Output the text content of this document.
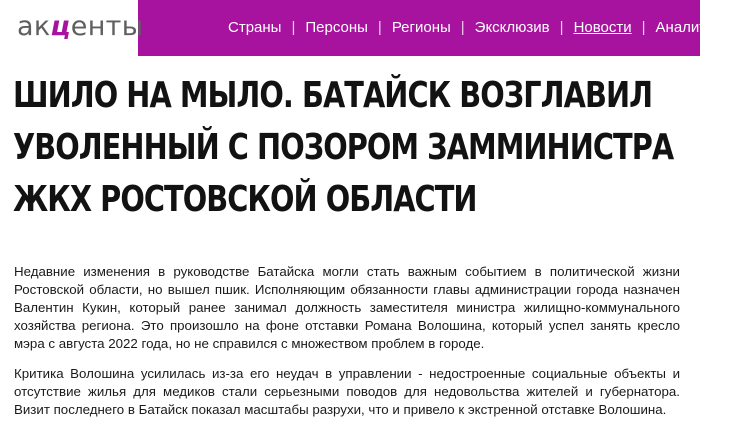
акценты	Страны | Персоны | Регионы | Эксклюзив | Новости | Аналитическ
ШИЛО НА МЫЛО. БАТАЙСК ВОЗГЛАВИЛ УВОЛЕННЫЙ С ПОЗОРОМ ЗАММИНИСТРА ЖКХ РОСТОВСКОЙ ОБЛАСТИ

Недавние изменения в руководстве Батайска могли стать важным событием в политической жизни Ростовской области, но вышел пшик. Исполняющим обязанности главы администрации города назначен Валентин Кукин, который ранее занимал должность заместителя министра жилищно-коммунального хозяйства региона. Это произошло на фоне отставки Романа Волошина, который успел занять кресло мэра с августа 2022 года, но не справился с множеством проблем в городе.

Критика Волошина усилилась из-за его неудач в управлении - недостроенные социальные объекты и отсутствие жилья для медиков стали серьезными поводов для недовольства жителей и губернатора. Визит последнего в Батайск показал масштабы разрухи, что и привело к экстренной отставке Волошина.
